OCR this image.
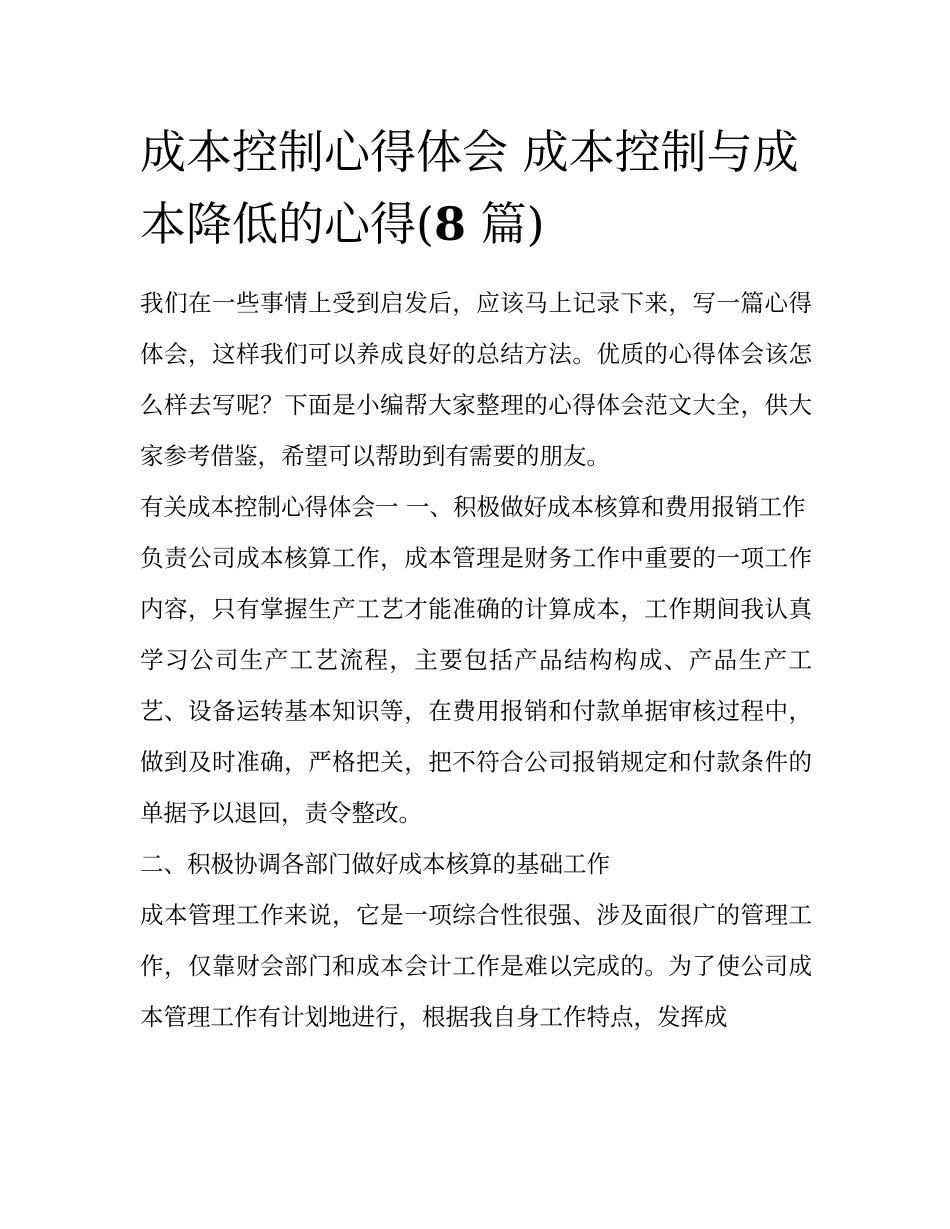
成本控制心得体会 成本控制与成本降低的心得(8 篇)

我们在一些事情上受到启发后，应该马上记录下来，写一篇心得体会，这样我们可以养成良好的总结方法。优质的心得体会该怎么样去写呢？下面是小编帮大家整理的心得体会范文大全，供大家参考借鉴，希望可以帮助到有需要的朋友。

有关成本控制心得体会一 一、积极做好成本核算和费用报销工作

负责公司成本核算工作，成本管理是财务工作中重要的一项工作内容，只有掌握生产工艺才能准确的计算成本，工作期间我认真学习公司生产工艺流程，主要包括产品结构构成、产品生产工艺、设备运转基本知识等，在费用报销和付款单据审核过程中，做到及时准确，严格把关，把不符合公司报销规定和付款条件的单据予以退回，责令整改。

二、积极协调各部门做好成本核算的基础工作

成本管理工作来说，它是一项综合性很强、涉及面很广的管理工作，仅靠财会部门和成本会计工作是难以完成的。为了使公司成本管理工作有计划地进行，根据我自身工作特点，发挥成
